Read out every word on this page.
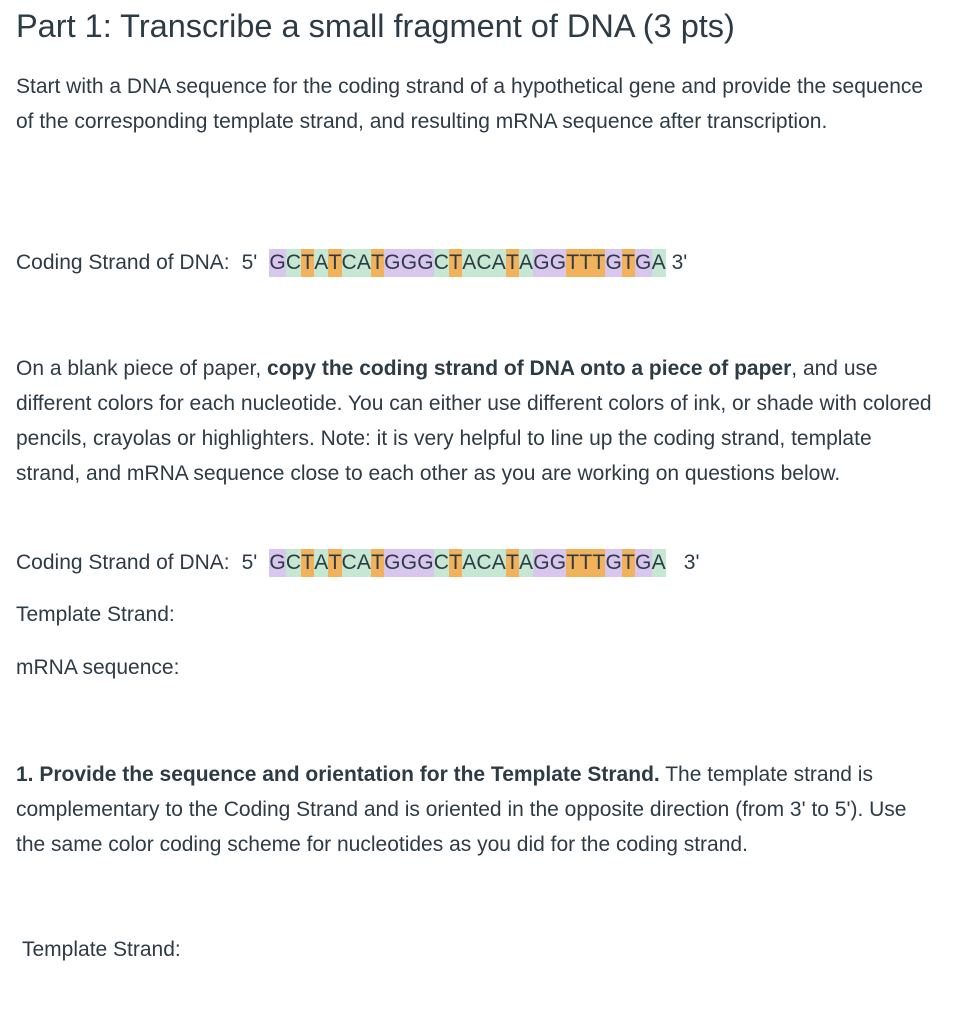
Part 1: Transcribe a small fragment of DNA (3 pts)

Start with a DNA sequence for the coding strand of a hypothetical gene and provide the sequence of the corresponding template strand, and resulting mRNA sequence after transcription.

Coding Strand of DNA: 5' GCTATCATGGGCTACATAGGTTTGTGA 3'

On a blank piece of paper, copy the coding strand of DNA onto a piece of paper, and use different colors for each nucleotide. You can either use different colors of ink, or shade with colored pencils, crayolas or highlighters. Note: it is very helpful to line up the coding strand, template strand, and mRNA sequence close to each other as you are working on questions below.

Coding Strand of DNA: 5' GCTATCATGGGCTACATAGGTTTGTGA 3'
Template Strand:
mRNA sequence:

1. Provide the sequence and orientation for the Template Strand. The template strand is complementary to the Coding Strand and is oriented in the opposite direction (from 3' to 5'). Use the same color coding scheme for nucleotides as you did for the coding strand.

Template Strand:
